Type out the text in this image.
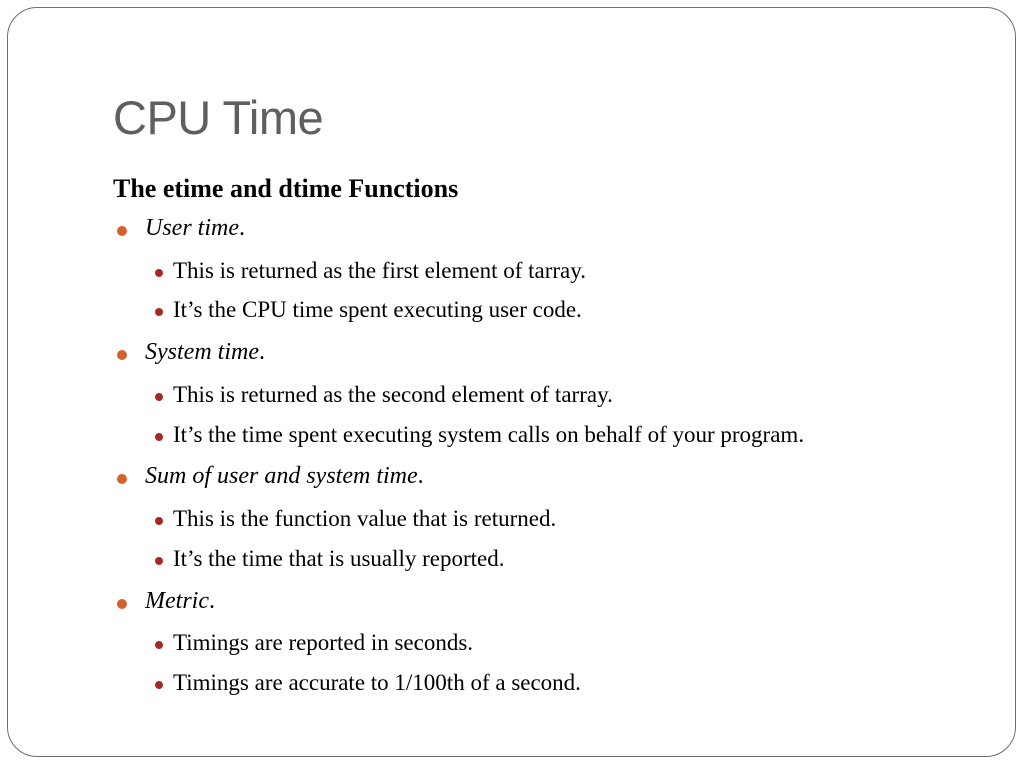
CPU Time
The etime and dtime Functions
User time.
This is returned as the first element of tarray.
It’s the CPU time spent executing user code.
System time.
This is returned as the second element of tarray.
It’s the time spent executing system calls on behalf of your program.
Sum of user and system time.
This is the function value that is returned.
It’s the time that is usually reported.
Metric.
Timings are reported in seconds.
Timings are accurate to 1/100th of a second.
